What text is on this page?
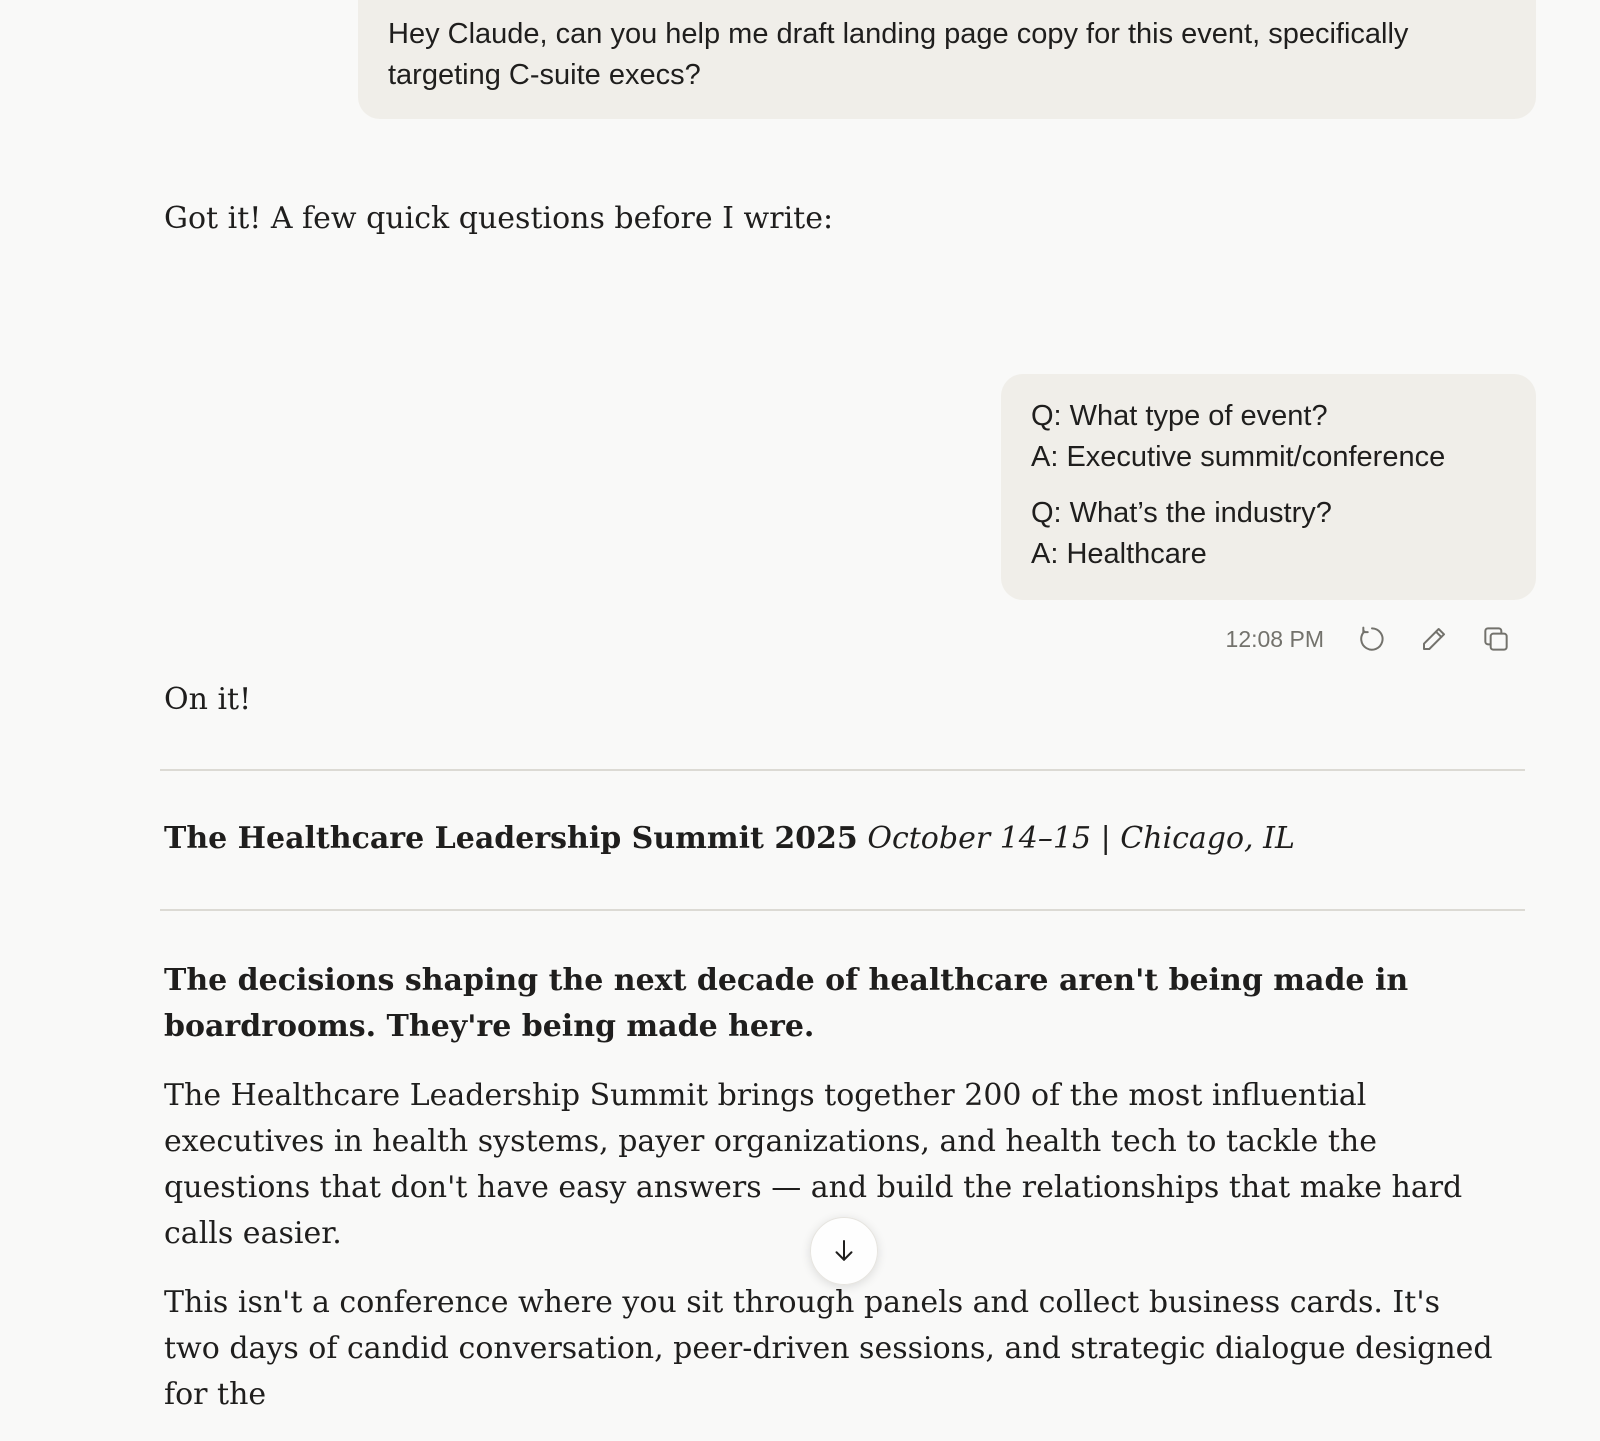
Hey Claude, can you help me draft landing page copy for this event, specifically targeting C-suite execs?
Got it! A few quick questions before I write:

Q: What type of event?

A: Executive summit/conference

Q: What’s the industry?

A: Healthcare

12:08 PM
On it!
The Healthcare Leadership Summit 2025 October 14–15 | Chicago, IL

The decisions shaping the next decade of healthcare aren't being made in boardrooms. They're being made here.

The Healthcare Leadership Summit brings together 200 of the most influential executives in health systems, payer organizations, and health tech to tackle the questions that don't have easy answers — and build the relationships that make hard calls easier.

This isn't a conference where you sit through panels and collect business cards. It's two days of candid conversation, peer-driven sessions, and strategic dialogue designed for the
